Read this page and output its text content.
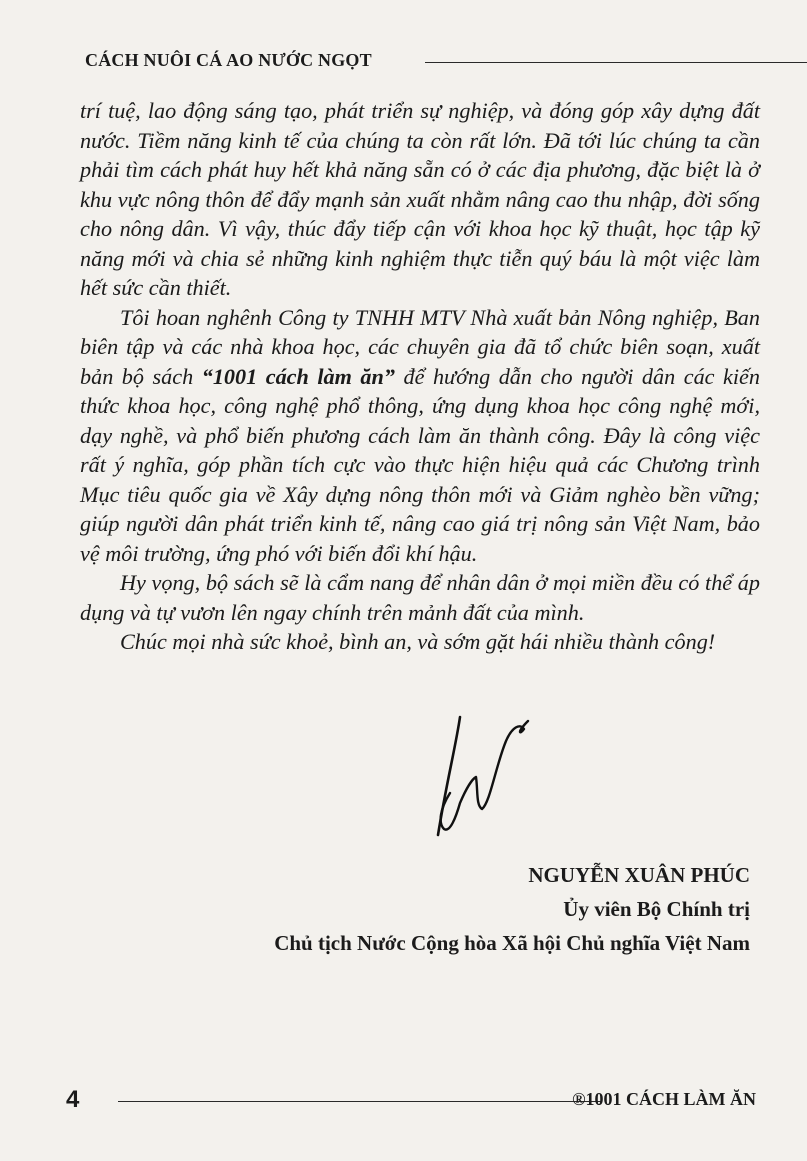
CÁCH NUÔI CÁ AO NƯỚC NGỌT

trí tuệ, lao động sáng tạo, phát triển sự nghiệp, và đóng góp xây dựng đất nước. Tiềm năng kinh tế của chúng ta còn rất lớn. Đã tới lúc chúng ta cần phải tìm cách phát huy hết khả năng sẵn có ở các địa phương, đặc biệt là ở khu vực nông thôn để đẩy mạnh sản xuất nhằm nâng cao thu nhập, đời sống cho nông dân. Vì vậy, thúc đẩy tiếp cận với khoa học kỹ thuật, học tập kỹ năng mới và chia sẻ những kinh nghiệm thực tiễn quý báu là một việc làm hết sức cần thiết.

Tôi hoan nghênh Công ty TNHH MTV Nhà xuất bản Nông nghiệp, Ban biên tập và các nhà khoa học, các chuyên gia đã tổ chức biên soạn, xuất bản bộ sách “1001 cách làm ăn” để hướng dẫn cho người dân các kiến thức khoa học, công nghệ phổ thông, ứng dụng khoa học công nghệ mới, dạy nghề, và phổ biến phương cách làm ăn thành công. Đây là công việc rất ý nghĩa, góp phần tích cực vào thực hiện hiệu quả các Chương trình Mục tiêu quốc gia về Xây dựng nông thôn mới và Giảm nghèo bền vững; giúp người dân phát triển kinh tế, nâng cao giá trị nông sản Việt Nam, bảo vệ môi trường, ứng phó với biến đổi khí hậu.

Hy vọng, bộ sách sẽ là cẩm nang để nhân dân ở mọi miền đều có thể áp dụng và tự vươn lên ngay chính trên mảnh đất của mình.

Chúc mọi nhà sức khoẻ, bình an, và sớm gặt hái nhiều thành công!

NGUYỄN XUÂN PHÚC
Ủy viên Bộ Chính trị
Chủ tịch Nước Cộng hòa Xã hội Chủ nghĩa Việt Nam
4	®1001 CÁCH LÀM ĂN
